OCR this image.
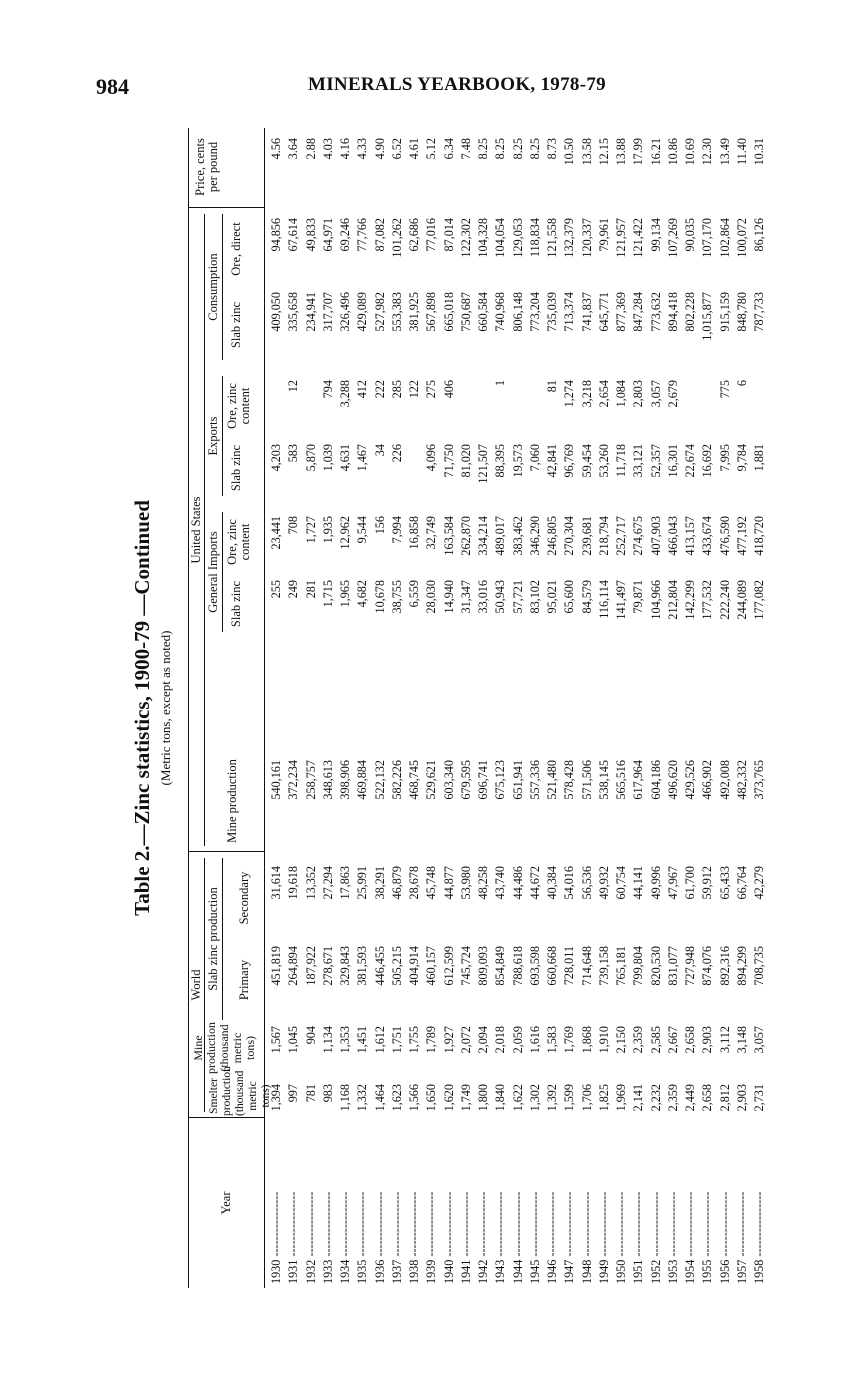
984	MINERALS YEARBOOK, 1978-79
Table 2.—Zinc statistics, 1900-79 —Continued (Metric tons, except as noted)
Year
World
United States
Smelter production (thousand metric tons)
Slab zinc production Primary
Secondary
Mine production
General Imports Slab zinc
Ore, zinc content
Exports
Slab zinc
Ore, zinc content
Consumption
Slab zinc
Ore, direct
Price, cents per pound
Mine production (thousand metric tons)
1930 ----------------
1,394
1,567
451,819
31,614
540,161
255
23,441
4,203
409,050
94,856
4.56
1931 ----------------
997
1,045
264,894
19,618
372,234
249
708
583
12
335,658
67,614
3.64
1932 ----------------
781
904
187,922
13,352
258,757
281
1,727
5,870
234,941
49,833
2.88
1933 ----------------
983
1,134
278,671
27,294
348,613
1,715
1,935
1,039
794
317,707
64,971
4.03
1934 ----------------
1,168
1,353
329,843
17,863
398,906
1,965
12,962
4,631
3,288
326,496
69,246
4.16
1935 ----------------
1,332
1,451
381,593
25,991
469,884
4,682
9,544
1,467
412
429,089
77,766
4.33
1936 ----------------
1,464
1,612
446,455
38,291
522,132
10,678
156
34
222
527,982
87,082
4.90
1937 ----------------
1,623
1,751
505,215
46,879
582,226
38,755
7,994
226
285
553,383
101,262
6.52
1938 ----------------
1,566
1,755
404,914
28,678
468,745
6,559
16,858
122
381,925
62,686
4.61
1939 ----------------
1,650
1,789
460,157
45,748
529,621
28,030
32,749
4,096
275
567,898
77,016
5.12
1940 ----------------
1,620
1,927
612,599
44,877
603,340
14,940
163,584
71,750
406
665,018
87,014
6.34
1941 ----------------
1,749
2,072
745,724
53,980
679,595
31,347
262,870
81,020
750,687
122,302
7.48
1942 ----------------
1,800
2,094
809,093
48,258
696,741
33,016
334,214
121,507
660,584
104,328
8.25
1943 ----------------
1,840
2,018
854,849
43,740
675,123
50,943
489,017
88,395
1
740,968
104,054
8.25
1944 ----------------
1,622
2,059
788,618
44,486
651,941
57,721
383,462
19,573
806,148
129,053
8.25
1945 ----------------
1,302
1,616
693,598
44,672
557,336
83,102
346,290
7,060
773,204
118,834
8.25
1946 ----------------
1,392
1,583
660,668
40,384
521,480
95,021
246,805
42,841
81
735,039
121,558
8.73
1947 ----------------
1,599
1,769
728,011
54,016
578,428
65,600
270,304
96,769
1,274
713,374
132,379
10.50
1948 ----------------
1,706
1,868
714,648
56,536
571,506
84,579
239,681
59,454
3,218
741,837
120,337
13.58
1949 ----------------
1,825
1,910
739,158
49,932
538,145
116,114
218,794
53,260
2,654
645,771
79,961
12.15
1950 ----------------
1,969
2,150
765,181
60,754
565,516
141,497
252,717
11,718
1,084
877,369
121,957
13.88
1951 ----------------
2,141
2,359
799,804
44,141
617,964
79,871
274,675
33,121
2,803
847,284
121,422
17.99
1952 ----------------
2,232
2,585
820,530
49,996
604,186
104,966
407,903
52,357
3,057
773,632
99,134
16.21
1953 ----------------
2,359
2,667
831,077
47,967
496,620
212,804
466,043
16,301
2,679
894,418
107,269
10.86
1954 ----------------
2,449
2,658
727,948
61,700
429,526
142,299
413,157
22,674
802,228
90,035
10.69
1955 ----------------
2,658
2,903
874,076
59,912
466,902
177,532
433,674
16,692
1,015,877
107,170
12.30
1956 ----------------
2,812
3,112
892,316
65,433
492,008
222,240
476,590
7,995
775
915,159
102,864
13.49
1957 ----------------
2,903
3,148
894,299
66,764
482,332
244,089
477,192
9,784
6
848,780
100,072
11.40
1958 ----------------
2,731
3,057
708,735
42,279
373,765
177,082
418,720
1,881
787,733
86,126
10.31
